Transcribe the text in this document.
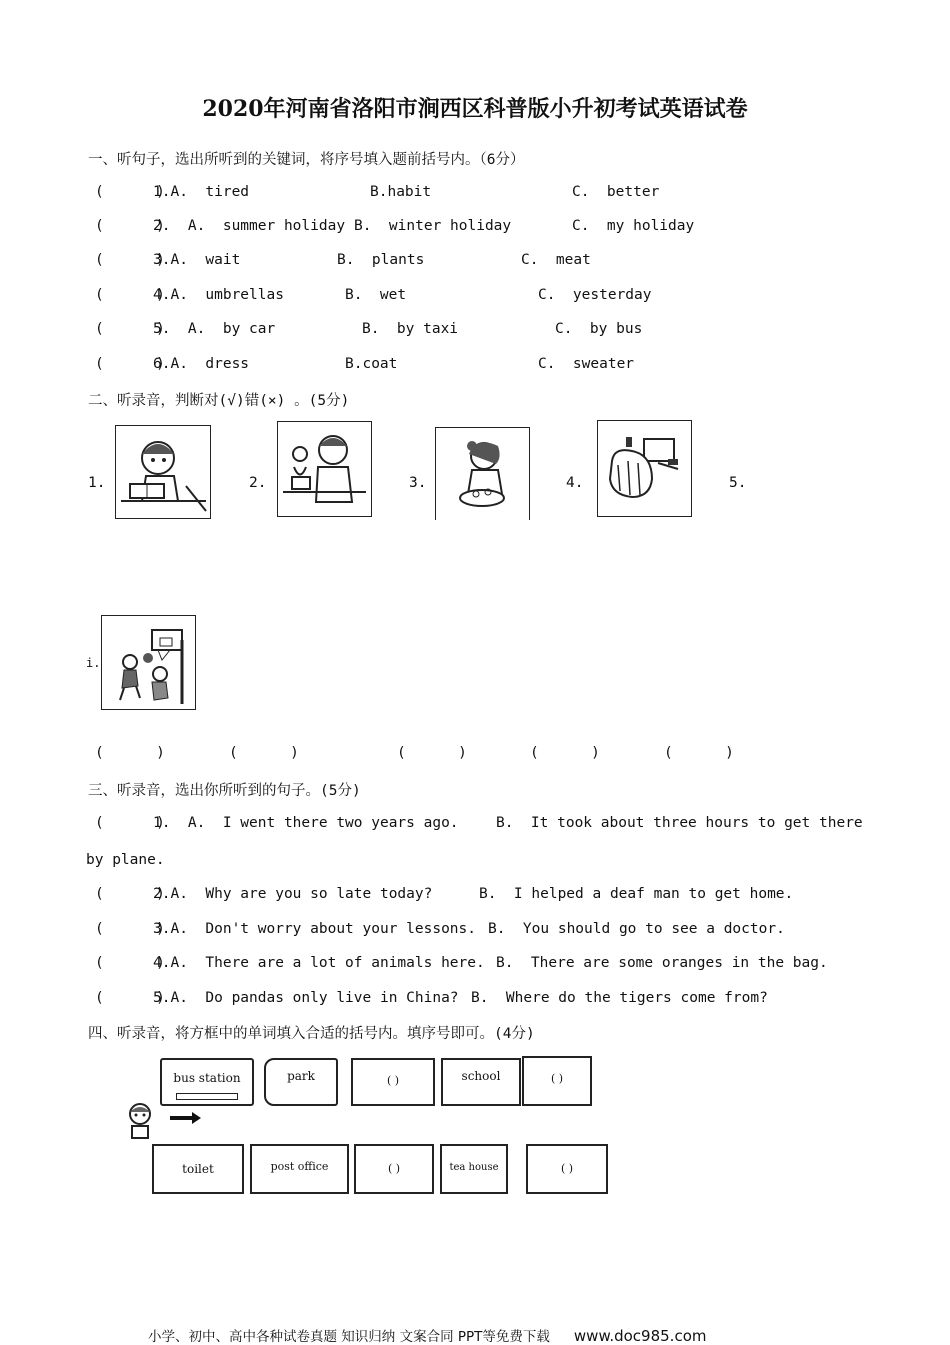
2020年河南省洛阳市涧西区科普版小升初考试英语试卷
一、听句子，选出所听到的关键词，将序号填入题前括号内。（6分）
(      )
1.A.  tired	B.habit	C.  better
(      )
2.  A.  summer holiday B.  winter holiday	C.  my holiday
(      )
3.A.  wait	B.  plants	C.  meat
(      )
4.A.  umbrellas	B.  wet	C.  yesterday
(      )
5.  A.  by car	B.  by taxi	C.  by bus
(      )
6.A.  dress	B.coat	C.  sweater
二、听录音，判断对(√)错(×) 。(5分)
1.	2.	3.	4.	5.
i.
(      )	(      )	(      )	(      )	(      )
三、听录音，选出你所听到的句子。(5分)
(      )
1.  A.  I went there two years ago.	B.  It took about three hours to get there
by plane.
(      )
2.A.  Why are you so late today?	B.  I helped a deaf man to get home.
(      )
3.A.  Don't worry about your lessons. B.  You should go to see a doctor.
(      )
4.A.  There are a lot of animals here. B.  There are some oranges in the bag.
(      )
5.A.  Do pandas only live in China? B.  Where do the tigers come from?
四、听录音，将方框中的单词填入合适的括号内。填序号即可。(4分)
bus station	park	( )	school	( )
toilet	post office	( )	tea house	( )
小学、初中、高中各种试卷真题 知识归纳 文案合同 PPT等免费下载 www.doc985.com
